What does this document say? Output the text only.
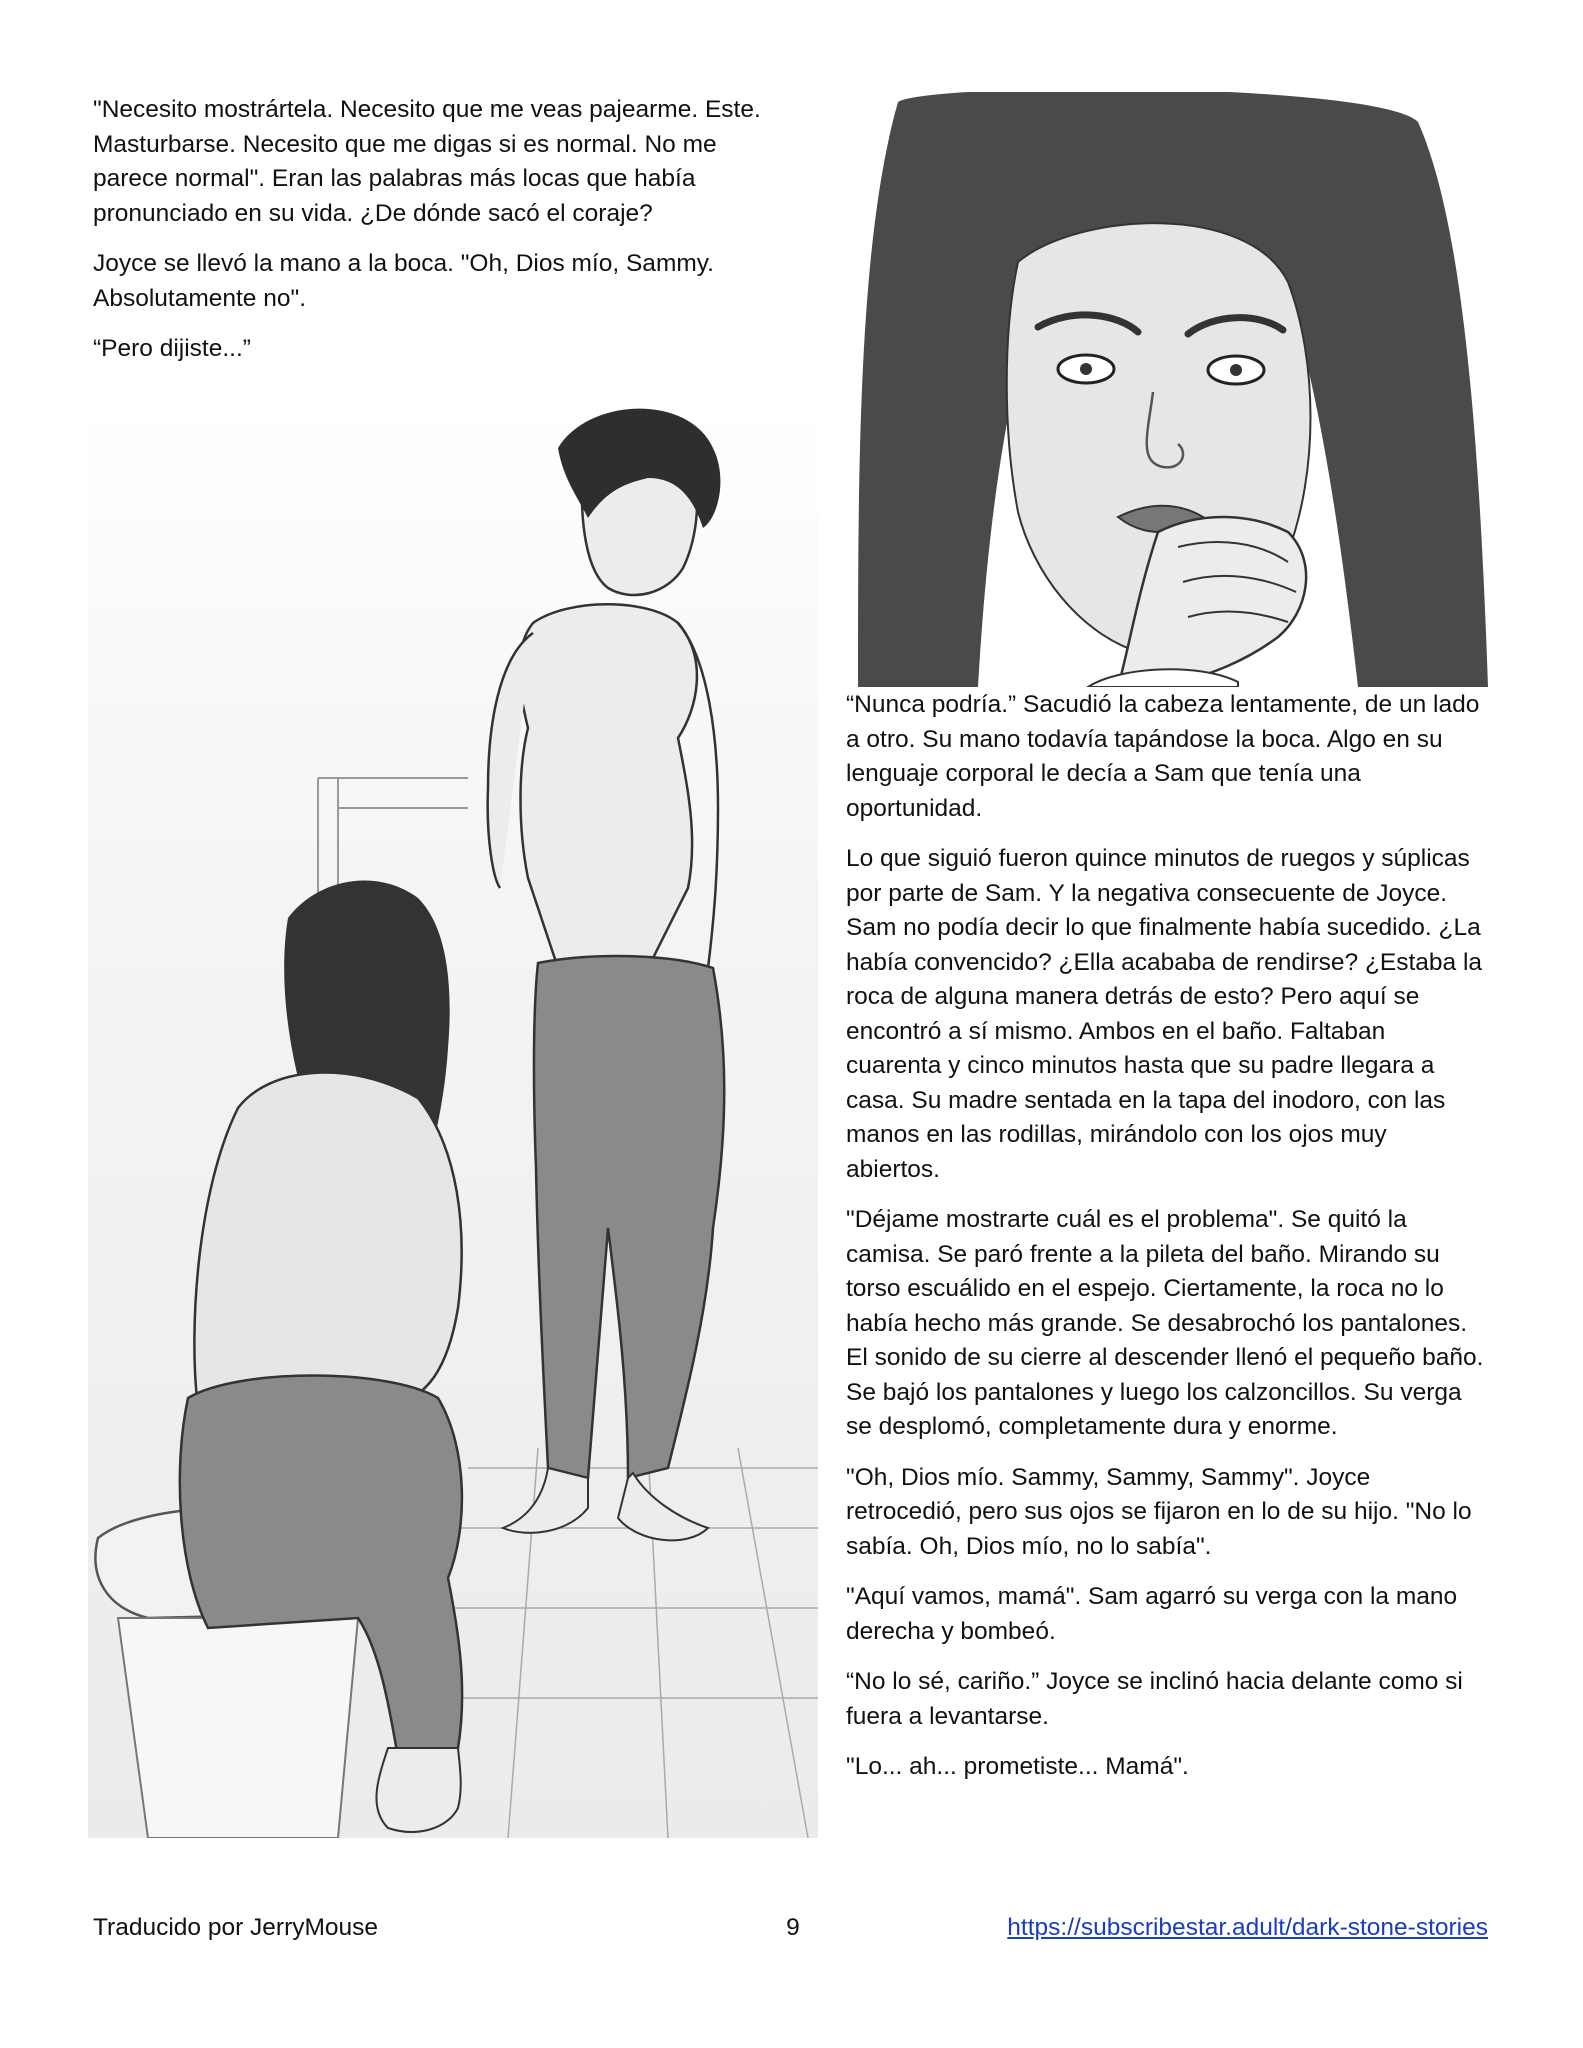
"Necesito mostrártela. Necesito que me veas pajearme. Este. Masturbarse. Necesito que me digas si es normal. No me parece normal". Eran las palabras más locas que había pronunciado en su vida. ¿De dónde sacó el coraje?

Joyce se llevó la mano a la boca. "Oh, Dios mío, Sammy. Absolutamente no".

“Pero dijiste...”

“Nunca podría.” Sacudió la cabeza lentamente, de un lado a otro. Su mano todavía tapándose la boca. Algo en su lenguaje corporal le decía a Sam que tenía una oportunidad.

Lo que siguió fueron quince minutos de ruegos y súplicas por parte de Sam. Y la negativa consecuente de Joyce. Sam no podía decir lo que finalmente había sucedido. ¿La había convencido? ¿Ella acababa de rendirse? ¿Estaba la roca de alguna manera detrás de esto? Pero aquí se encontró a sí mismo. Ambos en el baño. Faltaban cuarenta y cinco minutos hasta que su padre llegara a casa. Su madre sentada en la tapa del inodoro, con las manos en las rodillas, mirándolo con los ojos muy abiertos.

"Déjame mostrarte cuál es el problema". Se quitó la camisa. Se paró frente a la pileta del baño. Mirando su torso escuálido en el espejo. Ciertamente, la roca no lo había hecho más grande. Se desabrochó los pantalones. El sonido de su cierre al descender llenó el pequeño baño. Se bajó los pantalones y luego los calzoncillos. Su verga se desplomó, completamente dura y enorme.

"Oh, Dios mío. Sammy, Sammy, Sammy". Joyce retrocedió, pero sus ojos se fijaron en lo de su hijo. "No lo sabía. Oh, Dios mío, no lo sabía".

"Aquí vamos, mamá". Sam agarró su verga con la mano derecha y bombeó.

“No lo sé, cariño.” Joyce se inclinó hacia delante como si fuera a levantarse.

"Lo... ah... prometiste... Mamá".

Traducido por JerryMouse	9	https://subscribestar.adult/dark-stone-stories
